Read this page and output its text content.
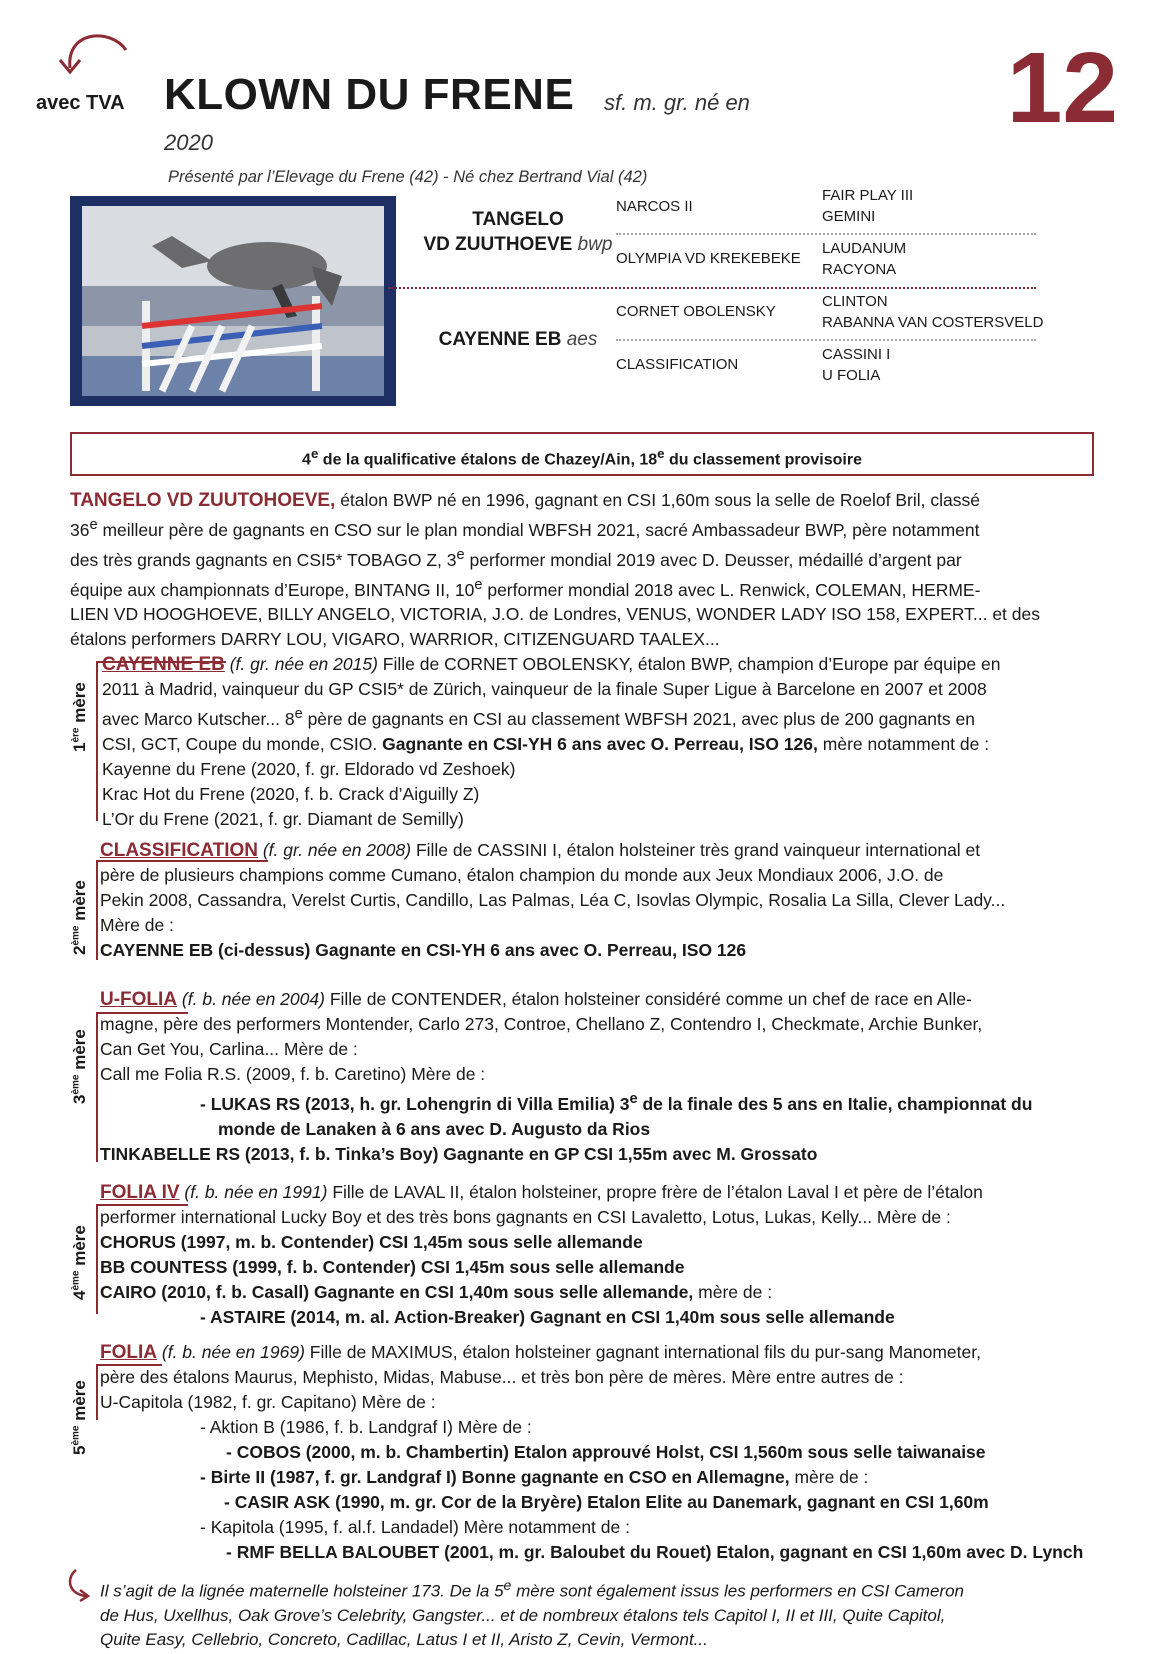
avec TVA KLOWN DU FRENE sf. m. gr. né en
2020	12
Présenté par l’Elevage du Frene (42) - Né chez Bertrand Vial (42)
TANGELO
VD ZUUTHOEVE bwp
CAYENNE EB aes
NARCOS II
OLYMPIA VD KREKEBEKE
CORNET OBOLENSKY
CLASSIFICATION
FAIR PLAY III
GEMINI
LAUDANUM
RACYONA
CLINTON
RABANNA VAN COSTERSVELD
CASSINI I
U FOLIA
4e de la qualificative étalons de Chazey/Ain, 18e du classement provisoire
TANGELO VD ZUUTOHOEVE, étalon BWP né en 1996, gagnant en CSI 1,60m sous la selle de Roelof Bril, classé
36e meilleur père de gagnants en CSO sur le plan mondial WBFSH 2021, sacré Ambassadeur BWP, père notamment
des très grands gagnants en CSI5* TOBAGO Z, 3e performer mondial 2019 avec D. Deusser, médaillé d’argent par
équipe aux championnats d’Europe, BINTANG II, 10e performer mondial 2018 avec L. Renwick, COLEMAN, HERME-
LIEN VD HOOGHOEVE, BILLY ANGELO, VICTORIA, J.O. de Londres, VENUS, WONDER LADY ISO 158, EXPERT... et des
étalons performers DARRY LOU, VIGARO, WARRIOR, CITIZENGUARD TAALEX...
1ère mère
CAYENNE EB (f. gr. née en 2015) Fille de CORNET OBOLENSKY, étalon BWP, champion d’Europe par équipe en
2011 à Madrid, vainqueur du GP CSI5* de Zürich, vainqueur de la finale Super Ligue à Barcelone en 2007 et 2008
avec Marco Kutscher... 8e père de gagnants en CSI au classement WBFSH 2021, avec plus de 200 gagnants en
CSI, GCT, Coupe du monde, CSIO. Gagnante en CSI-YH 6 ans avec O. Perreau, ISO 126, mère notamment de :
Kayenne du Frene (2020, f. gr. Eldorado vd Zeshoek)
Krac Hot du Frene (2020, f. b. Crack d’Aiguilly Z)
L’Or du Frene (2021, f. gr. Diamant de Semilly)
2ème mère
CLASSIFICATION (f. gr. née en 2008) Fille de CASSINI I, étalon holsteiner très grand vainqueur international et
père de plusieurs champions comme Cumano, étalon champion du monde aux Jeux Mondiaux 2006, J.O. de
Pekin 2008, Cassandra, Verelst Curtis, Candillo, Las Palmas, Léa C, Isovlas Olympic, Rosalia La Silla, Clever Lady...
Mère de :
CAYENNE EB (ci-dessus) Gagnante en CSI-YH 6 ans avec O. Perreau, ISO 126
3ème mère
U-FOLIA (f. b. née en 2004) Fille de CONTENDER, étalon holsteiner considéré comme un chef de race en Alle-
magne, père des performers Montender, Carlo 273, Controe, Chellano Z, Contendro I, Checkmate, Archie Bunker,
Can Get You, Carlina... Mère de :
Call me Folia R.S. (2009, f. b. Caretino) Mère de :
- LUKAS RS (2013, h. gr. Lohengrin di Villa Emilia) 3e de la finale des 5 ans en Italie, championnat du
monde de Lanaken à 6 ans avec D. Augusto da Rios
TINKABELLE RS (2013, f. b. Tinka’s Boy) Gagnante en GP CSI 1,55m avec M. Grossato
4ème mère
FOLIA IV (f. b. née en 1991) Fille de LAVAL II, étalon holsteiner, propre frère de l’étalon Laval I et père de l’étalon
performer international Lucky Boy et des très bons gagnants en CSI Lavaletto, Lotus, Lukas, Kelly... Mère de :
CHORUS (1997, m. b. Contender) CSI 1,45m sous selle allemande
BB COUNTESS (1999, f. b. Contender) CSI 1,45m sous selle allemande
CAIRO (2010, f. b. Casall) Gagnante en CSI 1,40m sous selle allemande, mère de :
- ASTAIRE (2014, m. al. Action-Breaker) Gagnant en CSI 1,40m sous selle allemande
5ème mère
FOLIA (f. b. née en 1969) Fille de MAXIMUS, étalon holsteiner gagnant international fils du pur-sang Manometer,
père des étalons Maurus, Mephisto, Midas, Mabuse... et très bon père de mères. Mère entre autres de :
U-Capitola (1982, f. gr. Capitano) Mère de :
- Aktion B (1986, f. b. Landgraf I) Mère de :
- COBOS (2000, m. b. Chambertin) Etalon approuvé Holst, CSI 1,560m sous selle taiwanaise
- Birte II (1987, f. gr. Landgraf I) Bonne gagnante en CSO en Allemagne, mère de :
- CASIR ASK (1990, m. gr. Cor de la Bryère) Etalon Elite au Danemark, gagnant en CSI 1,60m
- Kapitola (1995, f. al.f. Landadel) Mère notamment de :
- RMF BELLA BALOUBET (2001, m. gr. Baloubet du Rouet) Etalon, gagnant en CSI 1,60m avec D. Lynch
Il s’agit de la lignée maternelle holsteiner 173. De la 5e mère sont également issus les performers en CSI Cameron
de Hus, Uxellhus, Oak Grove’s Celebrity, Gangster... et de nombreux étalons tels Capitol I, II et III, Quite Capitol,
Quite Easy, Cellebrio, Concreto, Cadillac, Latus I et II, Aristo Z, Cevin, Vermont...
